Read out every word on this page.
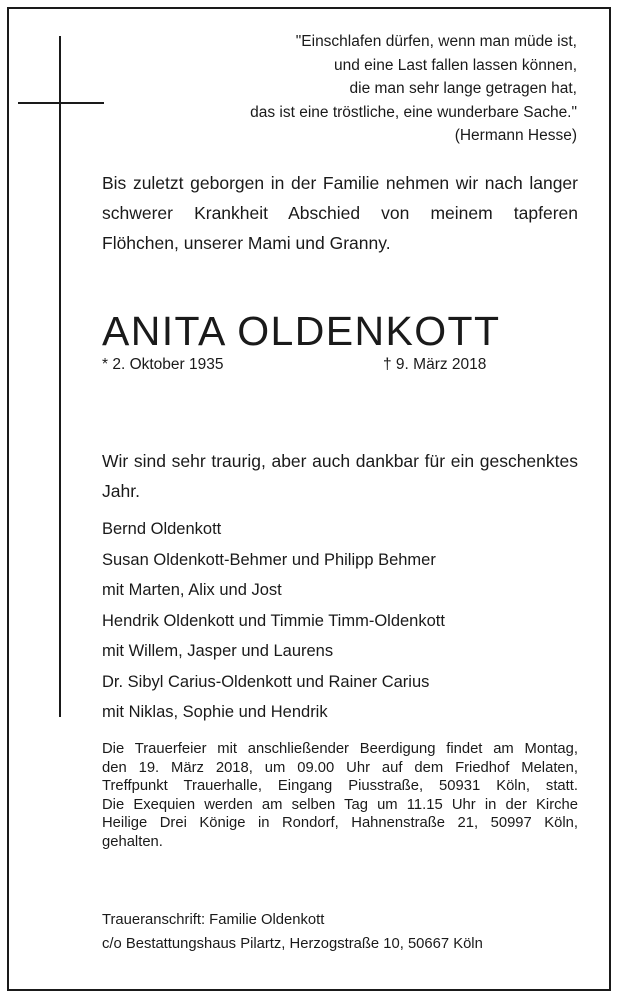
"Einschlafen dürfen, wenn man müde ist,
und eine Last fallen lassen können,
die man sehr lange getragen hat,
das ist eine tröstliche, eine wunderbare Sache."
(Hermann Hesse)
Bis zuletzt geborgen in der Familie nehmen wir nach langer
schwerer Krankheit Abschied von meinem tapferen
Flöhchen, unserer Mami und Granny.
ANITA OLDENKOTT
* 2. Oktober 1935	† 9. März 2018
Wir sind sehr traurig, aber auch dankbar für ein geschenktes
Jahr.
Bernd Oldenkott
Susan Oldenkott-Behmer und Philipp Behmer
mit Marten, Alix und Jost
Hendrik Oldenkott und Timmie Timm-Oldenkott
mit Willem, Jasper und Laurens
Dr. Sibyl Carius-Oldenkott und Rainer Carius
mit Niklas, Sophie und Hendrik
Die Trauerfeier mit anschließender Beerdigung findet am Montag,
den 19. März 2018, um 09.00 Uhr auf dem Friedhof Melaten,
Treffpunkt Trauerhalle, Eingang Piusstraße, 50931 Köln, statt.
Die Exequien werden am selben Tag um 11.15 Uhr in der Kirche
Heilige Drei Könige in Rondorf, Hahnenstraße 21, 50997 Köln,
gehalten.
Traueranschrift: Familie Oldenkott
c/o Bestattungshaus Pilartz, Herzogstraße 10, 50667 Köln
